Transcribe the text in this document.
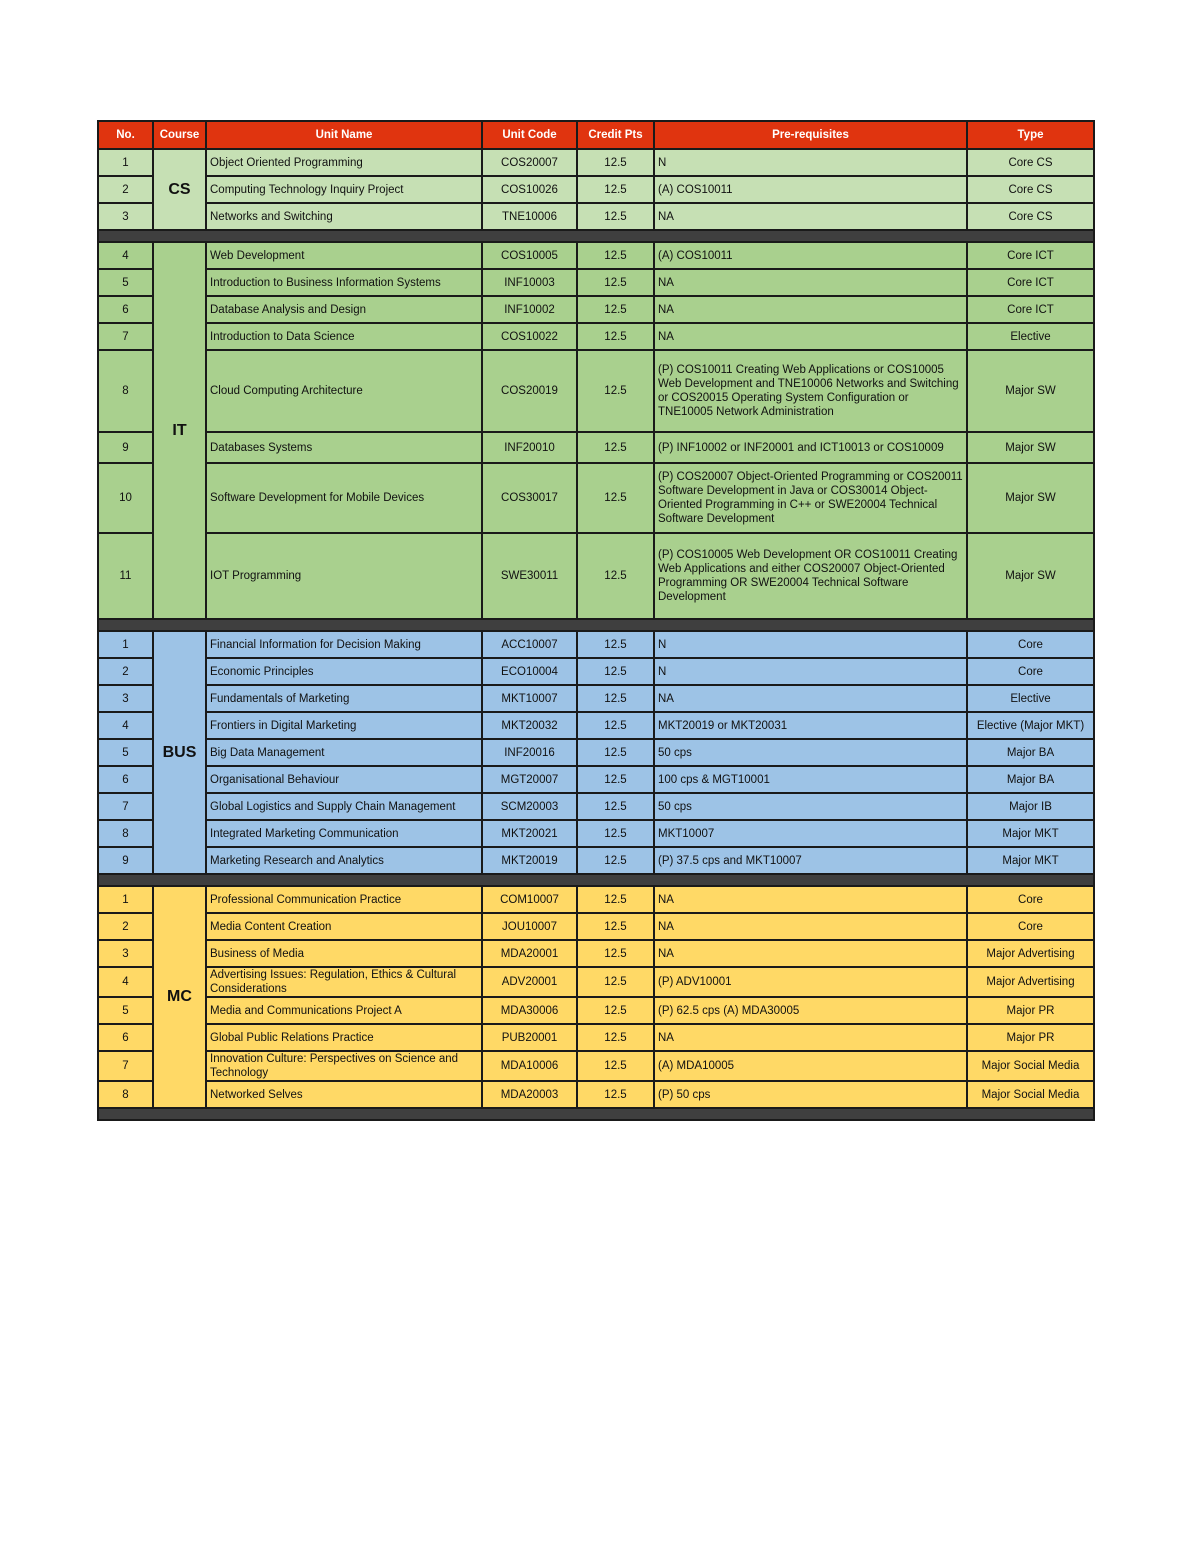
No.	Course	Unit Name	Unit Code	Credit Pts	Pre-requisites	Type
1	CS	Object Oriented Programming	COS20007	12.5	N	Core CS
2		Computing Technology Inquiry Project	COS10026	12.5	(A) COS10011	Core CS
3		Networks and Switching	TNE10006	12.5	NA	Core CS

4	IT	Web Development	COS10005	12.5	(A) COS10011	Core ICT
5		Introduction to Business Information Systems	INF10003	12.5	NA	Core ICT
6		Database Analysis and Design	INF10002	12.5	NA	Core ICT
7		Introduction to Data Science	COS10022	12.5	NA	Elective
8		Cloud Computing Architecture	COS20019	12.5	(P) COS10011 Creating Web Applications or COS10005 Web Development and TNE10006 Networks and Switching or COS20015 Operating System Configuration or TNE10005 Network Administration	Major SW
9		Databases Systems	INF20010	12.5	(P) INF10002 or INF20001 and ICT10013 or COS10009	Major SW
10		Software Development for Mobile Devices	COS30017	12.5	(P) COS20007 Object-Oriented Programming or COS20011 Software Development in Java or COS30014 Object-Oriented Programming in C++ or SWE20004 Technical Software Development	Major SW
11		IOT Programming	SWE30011	12.5	(P) COS10005 Web Development OR COS10011 Creating Web Applications and either COS20007 Object-Oriented Programming OR SWE20004 Technical Software Development	Major SW

1	BUS	Financial Information for Decision Making	ACC10007	12.5	N	Core
2		Economic Principles	ECO10004	12.5	N	Core
3		Fundamentals of Marketing	MKT10007	12.5	NA	Elective
4		Frontiers in Digital Marketing	MKT20032	12.5	MKT20019 or MKT20031	Elective (Major MKT)
5		Big Data Management	INF20016	12.5	50 cps	Major BA
6		Organisational Behaviour	MGT20007	12.5	100 cps & MGT10001	Major BA
7		Global Logistics and Supply Chain Management	SCM20003	12.5	50 cps	Major IB
8		Integrated Marketing Communication	MKT20021	12.5	MKT10007	Major MKT
9		Marketing Research and Analytics	MKT20019	12.5	(P) 37.5 cps and MKT10007	Major MKT

1	MC	Professional Communication Practice	COM10007	12.5	NA	Core
2		Media Content Creation	JOU10007	12.5	NA	Core
3		Business of Media	MDA20001	12.5	NA	Major Advertising
4		Advertising Issues: Regulation, Ethics & Cultural Considerations	ADV20001	12.5	(P) ADV10001	Major Advertising
5		Media and Communications Project A	MDA30006	12.5	(P) 62.5 cps (A) MDA30005	Major PR
6		Global Public Relations Practice	PUB20001	12.5	NA	Major PR
7		Innovation Culture: Perspectives on Science and Technology	MDA10006	12.5	(A) MDA10005	Major Social Media
8		Networked Selves	MDA20003	12.5	(P) 50 cps	Major Social Media
